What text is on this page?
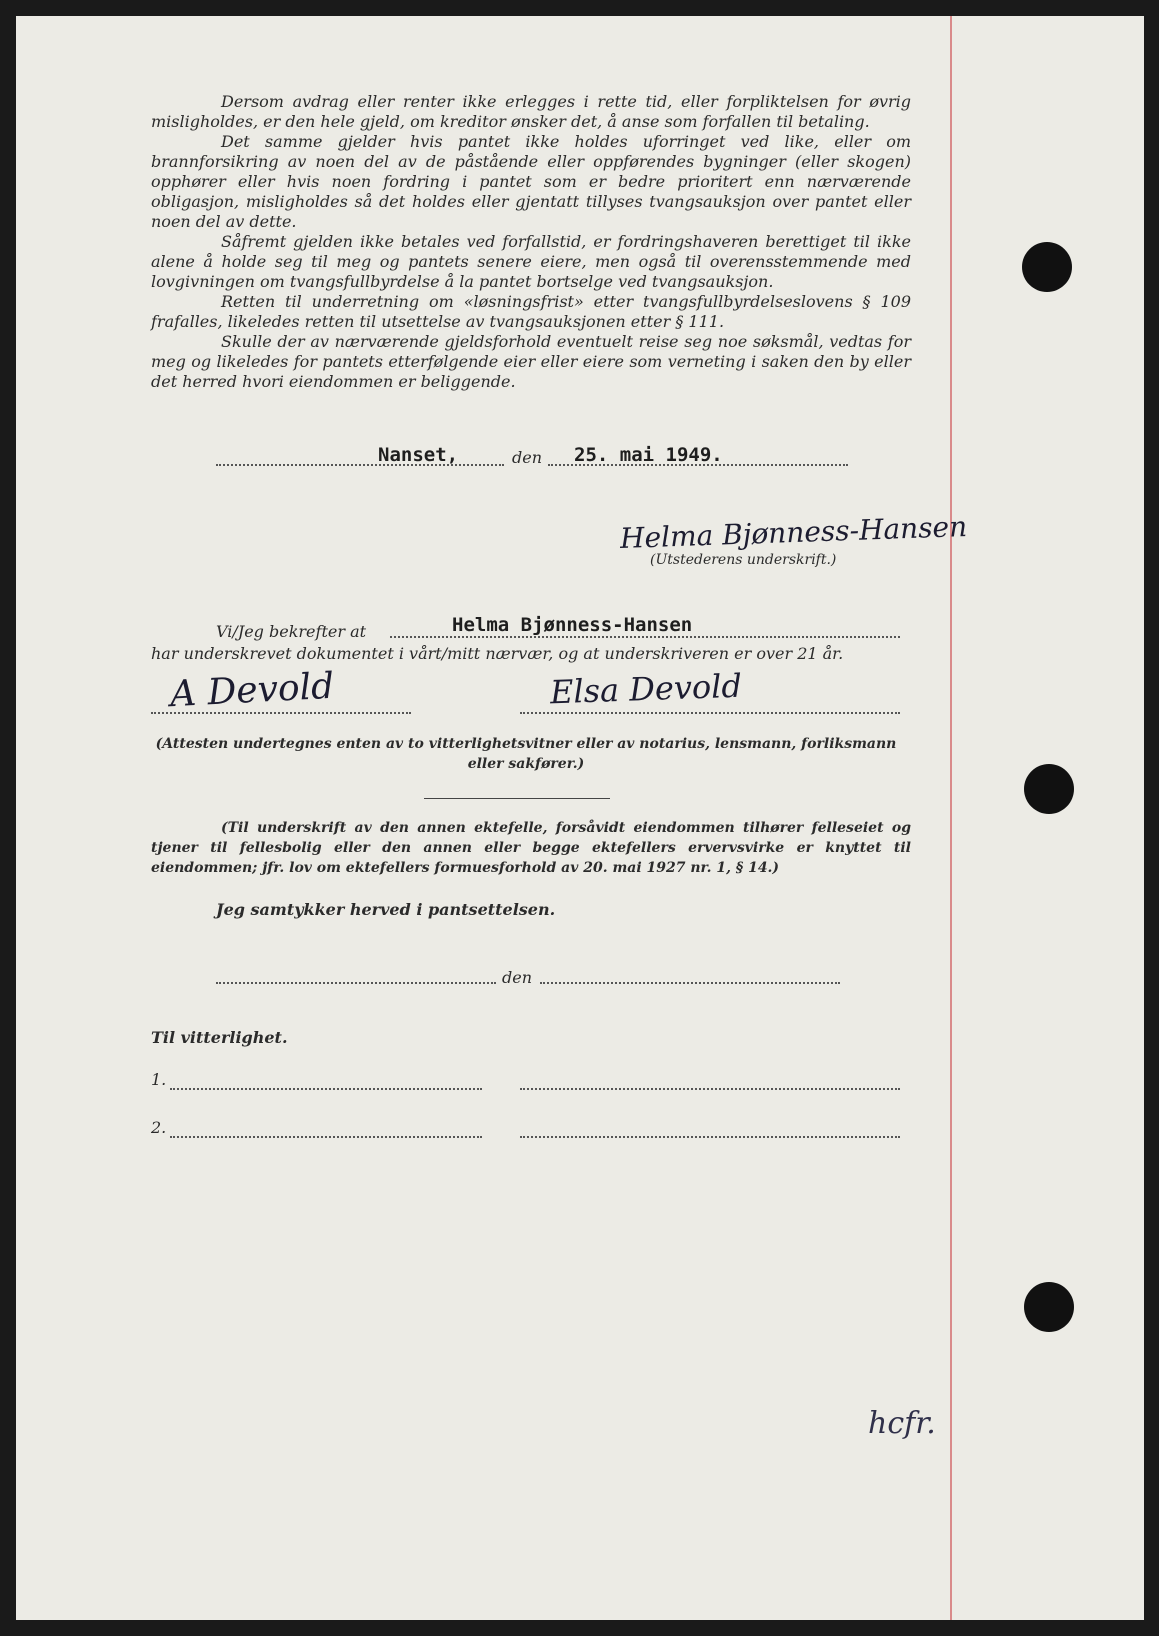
Dersom avdrag eller renter ikke erlegges i rette tid, eller forpliktelsen for øvrig misligholdes, er den hele gjeld, om kreditor ønsker det, å anse som forfallen til betaling.

Det samme gjelder hvis pantet ikke holdes uforringet ved like, eller om brannforsikring av noen del av de påstående eller oppførendes bygninger (eller skogen) opphører eller hvis noen fordring i pantet som er bedre prioritert enn nærværende obligasjon, misligholdes så det holdes eller gjentatt tillyses tvangsauksjon over pantet eller noen del av dette.

Såfremt gjelden ikke betales ved forfallstid, er fordringshaveren berettiget til ikke alene å holde seg til meg og pantets senere eiere, men også til overensstemmende med lovgivningen om tvangsfullbyrdelse å la pantet bortselge ved tvangsauksjon.

Retten til underretning om «løsningsfrist» etter tvangsfullbyrdelseslovens § 109 frafalles, likeledes retten til utsettelse av tvangsauksjonen etter § 111.

Skulle der av nærværende gjeldsforhold eventuelt reise seg noe søksmål, vedtas for meg og likeledes for pantets etterfølgende eier eller eiere som verneting i saken den by eller det herred hvori eiendommen er beliggende.

Nanset,	den 25. mai 1949.
Helma Bjønness-Hansen
(Utstederens underskrift.)
Vi/Jeg bekrefter at	Helma Bjønness-Hansen
har underskrevet dokumentet i vårt/mitt nærvær, og at underskriveren er over 21 år.
A Devold	Elsa Devold
(Attesten undertegnes enten av to vitterlighetsvitner eller av notarius, lensmann, forliksmann eller sakfører.)
(Til underskrift av den annen ektefelle, forsåvidt eiendommen tilhører felleseiet og tjener til fellesbolig eller den annen eller begge ektefellers ervervsvirke er knyttet til eiendommen; jfr. lov om ektefellers formuesforhold av 20. mai 1927 nr. 1, § 14.)
Jeg samtykker herved i pantsettelsen.
den
Til vitterlighet.
1.
2.
hcfr.
